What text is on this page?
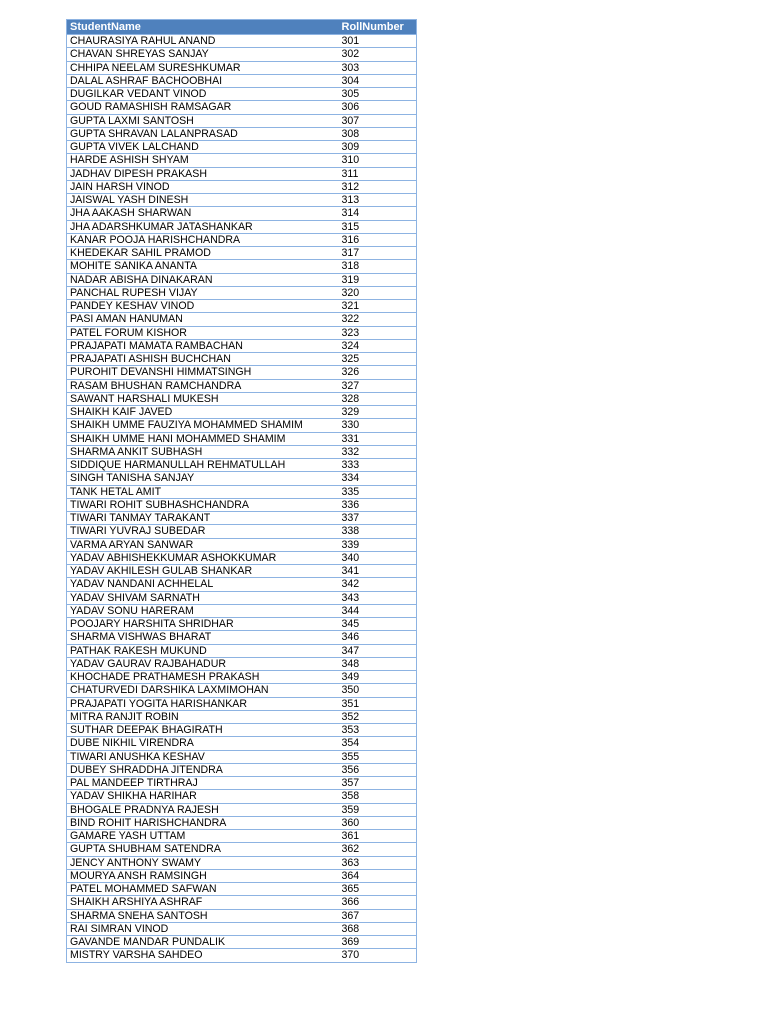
StudentName	RollNumber
CHAURASIYA RAHUL ANAND	301
CHAVAN SHREYAS SANJAY	302
CHHIPA NEELAM SURESHKUMAR	303
DALAL ASHRAF BACHOOBHAI	304
DUGILKAR VEDANT VINOD	305
GOUD RAMASHISH RAMSAGAR	306
GUPTA LAXMI SANTOSH	307
GUPTA SHRAVAN LALANPRASAD	308
GUPTA VIVEK LALCHAND	309
HARDE ASHISH SHYAM	310
JADHAV DIPESH PRAKASH	311
JAIN HARSH VINOD	312
JAISWAL YASH DINESH	313
JHA AAKASH SHARWAN	314
JHA ADARSHKUMAR JATASHANKAR	315
KANAR POOJA HARISHCHANDRA	316
KHEDEKAR SAHIL PRAMOD	317
MOHITE SANIKA ANANTA	318
NADAR ABISHA DINAKARAN	319
PANCHAL RUPESH VIJAY	320
PANDEY KESHAV VINOD	321
PASI AMAN HANUMAN	322
PATEL FORUM KISHOR	323
PRAJAPATI MAMATA RAMBACHAN	324
PRAJAPATI ASHISH BUCHCHAN	325
PUROHIT DEVANSHI HIMMATSINGH	326
RASAM BHUSHAN RAMCHANDRA	327
SAWANT HARSHALI MUKESH	328
SHAIKH KAIF JAVED	329
SHAIKH UMME FAUZIYA MOHAMMED SHAMIM	330
SHAIKH UMME HANI MOHAMMED SHAMIM	331
SHARMA ANKIT SUBHASH	332
SIDDIQUE HARMANULLAH REHMATULLAH	333
SINGH TANISHA SANJAY	334
TANK HETAL AMIT	335
TIWARI ROHIT SUBHASHCHANDRA	336
TIWARI TANMAY TARAKANT	337
TIWARI YUVRAJ SUBEDAR	338
VARMA ARYAN SANWAR	339
YADAV ABHISHEKKUMAR ASHOKKUMAR	340
YADAV AKHILESH GULAB SHANKAR	341
YADAV NANDANI ACHHELAL	342
YADAV SHIVAM SARNATH	343
YADAV SONU HARERAM	344
POOJARY HARSHITA SHRIDHAR	345
SHARMA VISHWAS BHARAT	346
PATHAK RAKESH MUKUND	347
YADAV GAURAV RAJBAHADUR	348
KHOCHADE PRATHAMESH PRAKASH	349
CHATURVEDI DARSHIKA LAXMIMOHAN	350
PRAJAPATI YOGITA HARISHANKAR	351
MITRA RANJIT ROBIN	352
SUTHAR DEEPAK BHAGIRATH	353
DUBE NIKHIL VIRENDRA	354
TIWARI ANUSHKA KESHAV	355
DUBEY SHRADDHA JITENDRA	356
PAL MANDEEP TIRTHRAJ	357
YADAV SHIKHA HARIHAR	358
BHOGALE PRADNYA RAJESH	359
BIND ROHIT HARISHCHANDRA	360
GAMARE YASH UTTAM	361
GUPTA SHUBHAM SATENDRA	362
JENCY ANTHONY SWAMY	363
MOURYA ANSH RAMSINGH	364
PATEL MOHAMMED SAFWAN	365
SHAIKH ARSHIYA ASHRAF	366
SHARMA SNEHA SANTOSH	367
RAI SIMRAN VINOD	368
GAVANDE MANDAR PUNDALIK	369
MISTRY VARSHA SAHDEO	370
